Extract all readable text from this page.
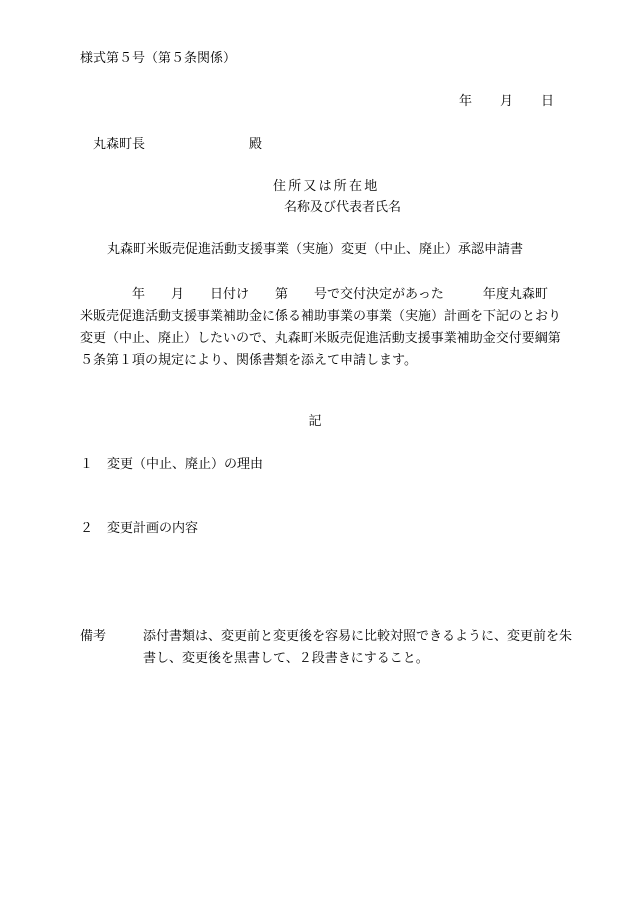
様式第５号（第５条関係）
年 月 日
丸森町長	殿
住所又は所在地
名称及び代表者氏名
丸森町米販売促進活動支援事業（実施）変更（中止、廃止）承認申請書

　　　　年　　月　　日付け　　第　　号で交付決定があった　　　年度丸森町

米販売促進活動支援事業補助金に係る補助事業の事業（実施）計画を下記のとおり

変更（中止、廃止）したいので、丸森町米販売促進活動支援事業補助金交付要綱第

５条第１項の規定により、関係書類を添えて申請します。

記
１ 変更（中止、廃止）の理由
２ 変更計画の内容
備考	添付書類は、変更前と変更後を容易に比較対照できるように、変更前を朱
書し、変更後を黒書して、２段書きにすること。
